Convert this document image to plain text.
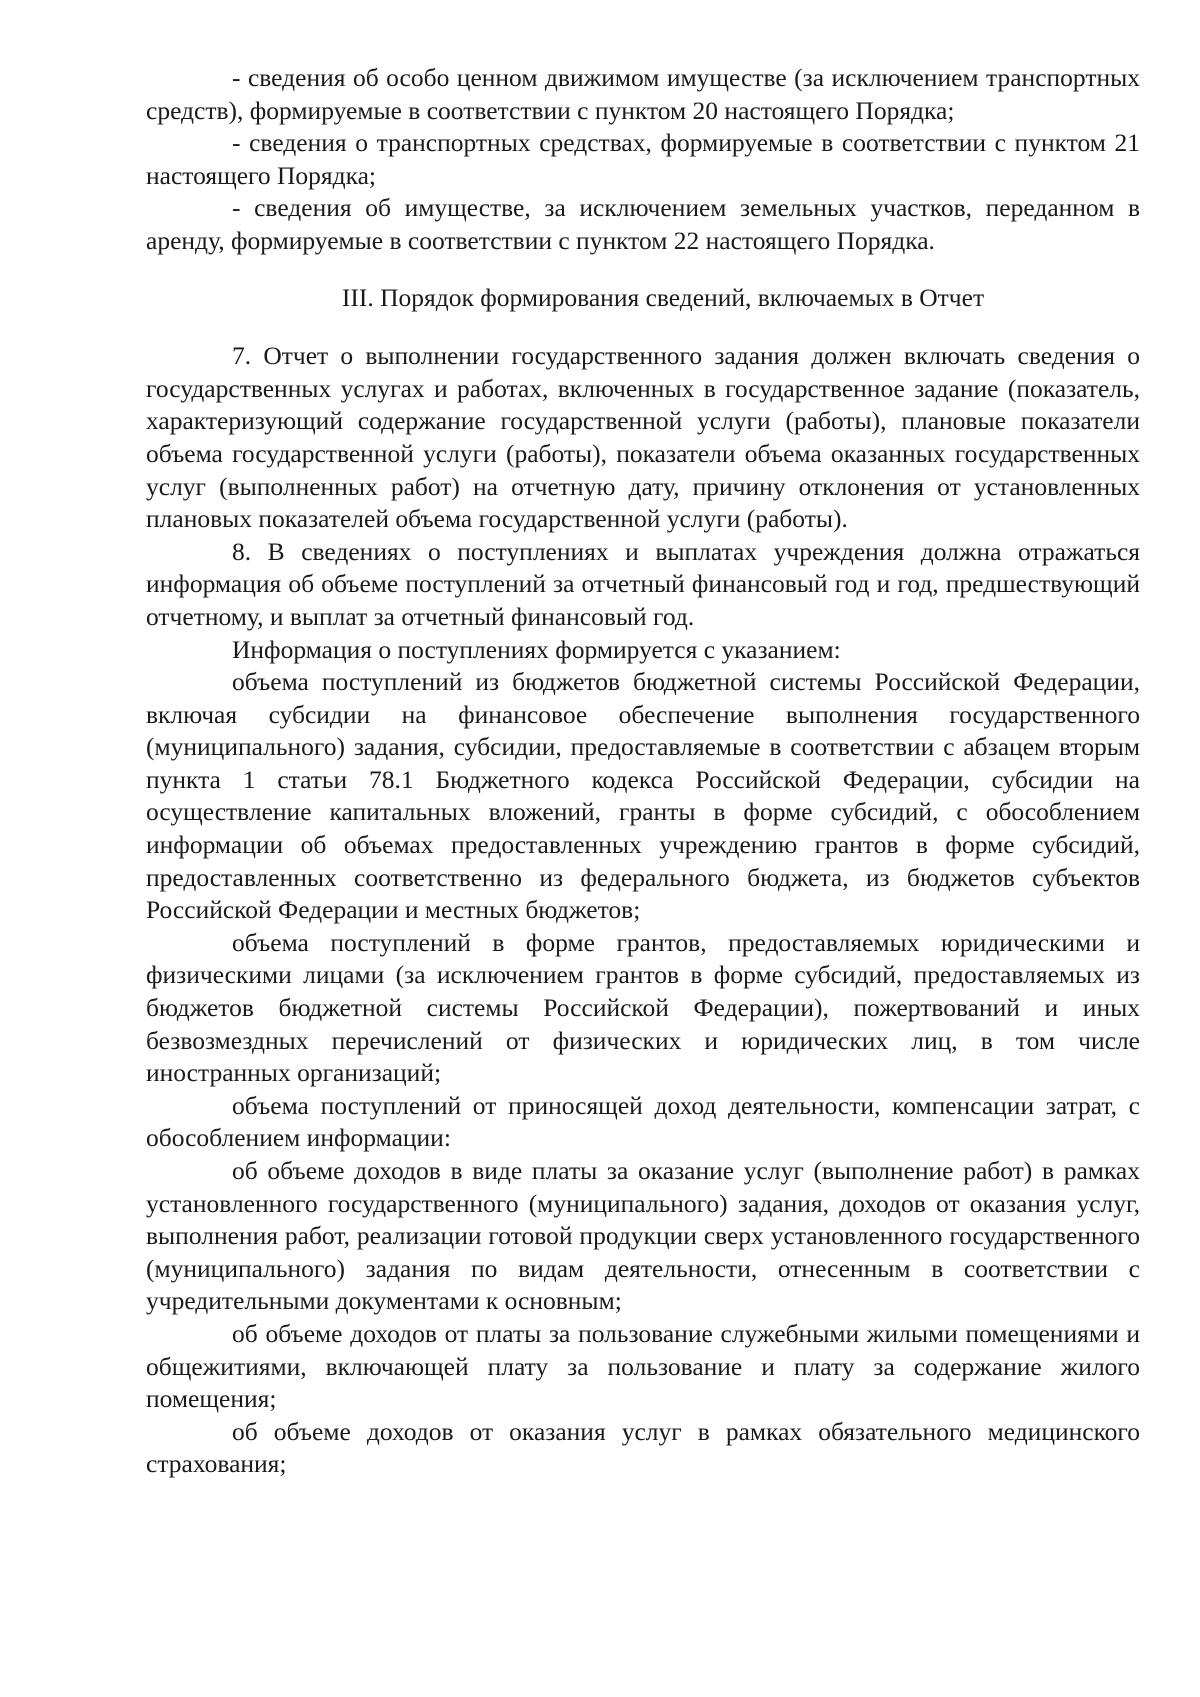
- сведения об особо ценном движимом имуществе (за исключением транспортных средств), формируемые в соответствии с пунктом 20 настоящего Порядка;

- сведения о транспортных средствах, формируемые в соответствии с пунктом 21 настоящего Порядка;

- сведения об имуществе, за исключением земельных участков, переданном в аренду, формируемые в соответствии с пунктом 22 настоящего Порядка.

III. Порядок формирования сведений, включаемых в Отчет

7. Отчет о выполнении государственного задания должен включать сведения о государственных услугах и работах, включенных в государственное задание (показатель, характеризующий содержание государственной услуги (работы), плановые показатели объема государственной услуги (работы), показатели объема оказанных государственных услуг (выполненных работ) на отчетную дату, причину отклонения от установленных плановых показателей объема государственной услуги (работы).

8. В сведениях о поступлениях и выплатах учреждения должна отражаться информация об объеме поступлений за отчетный финансовый год и год, предшествующий отчетному, и выплат за отчетный финансовый год.

Информация о поступлениях формируется с указанием:

объема поступлений из бюджетов бюджетной системы Российской Федерации, включая субсидии на финансовое обеспечение выполнения государственного (муниципального) задания, субсидии, предоставляемые в соответствии с абзацем вторым пункта 1 статьи 78.1 Бюджетного кодекса Российской Федерации, субсидии на осуществление капитальных вложений, гранты в форме субсидий, с обособлением информации об объемах предоставленных учреждению грантов в форме субсидий, предоставленных соответственно из федерального бюджета, из бюджетов субъектов Российской Федерации и местных бюджетов;

объема поступлений в форме грантов, предоставляемых юридическими и физическими лицами (за исключением грантов в форме субсидий, предоставляемых из бюджетов бюджетной системы Российской Федерации), пожертвований и иных безвозмездных перечислений от физических и юридических лиц, в том числе иностранных организаций;

объема поступлений от приносящей доход деятельности, компенсации затрат, с обособлением информации:

об объеме доходов в виде платы за оказание услуг (выполнение работ) в рамках установленного государственного (муниципального) задания, доходов от оказания услуг, выполнения работ, реализации готовой продукции сверх установленного государственного (муниципального) задания по видам деятельности, отнесенным в соответствии с учредительными документами к основным;

об объеме доходов от платы за пользование служебными жилыми помещениями и общежитиями, включающей плату за пользование и плату за содержание жилого помещения;

об объеме доходов от оказания услуг в рамках обязательного медицинского страхования;
